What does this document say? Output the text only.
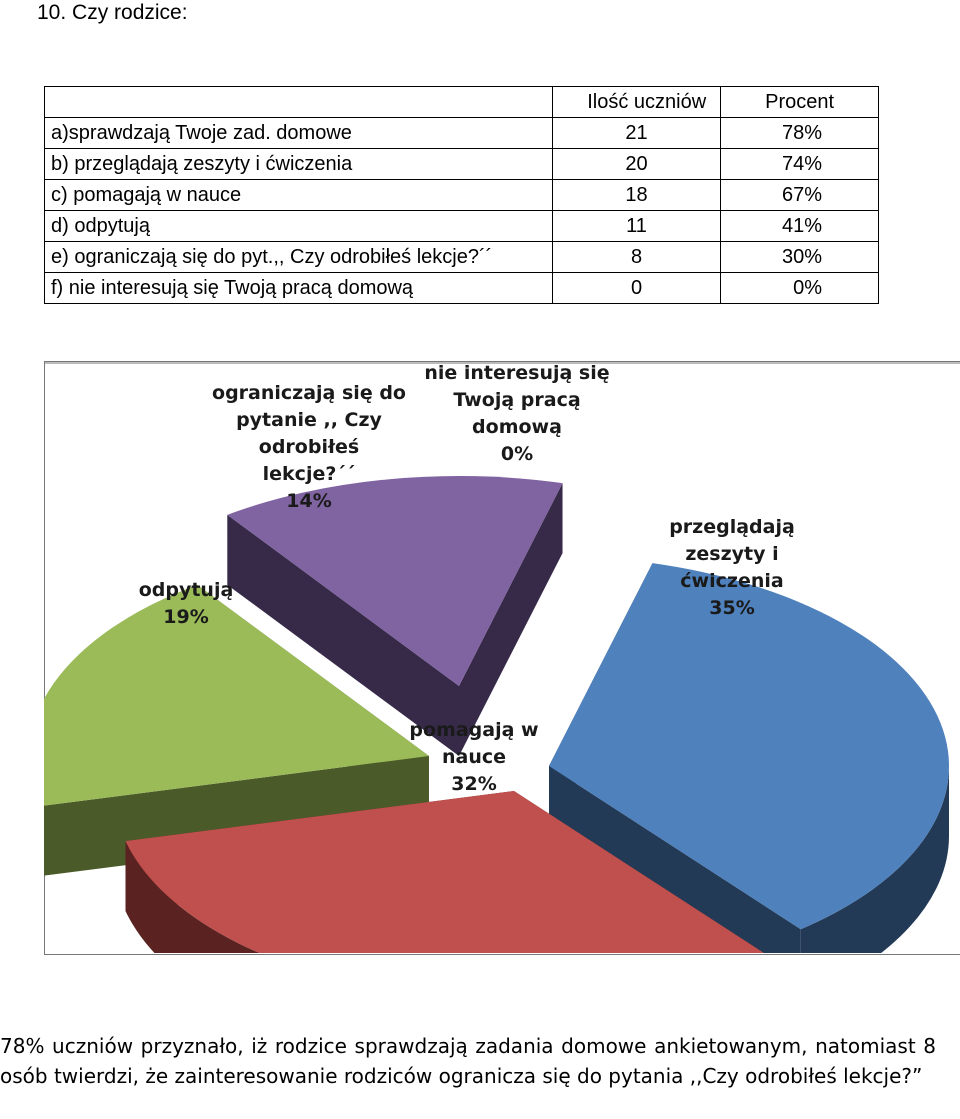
10. Czy rodzice:
	Ilość uczniów	Procent
a)sprawdzają Twoje zad. domowe	21	78%
b) przeglądają zeszyty i ćwiczenia	20	74%
c) pomagają w nauce	18	67%
d) odpytują	11	41%
e) ograniczają się do pyt.,, Czy odrobiłeś lekcje?´´	8	30%
f) nie interesują się Twoją pracą domową	0	0%
przeglądają zeszyty i ćwiczenia 35%
pomagają w nauce 32%
odpytują 19%
ograniczają się do pytanie ,, Czy odrobiłeś lekcje?´´ 14%
nie interesują się Twoją pracą domową 0%
78% uczniów przyznało, iż rodzice sprawdzają zadania domowe ankietowanym, natomiast 8 osób twierdzi, że zainteresowanie rodziców ogranicza się do pytania ,,Czy odrobiłeś lekcje?”
